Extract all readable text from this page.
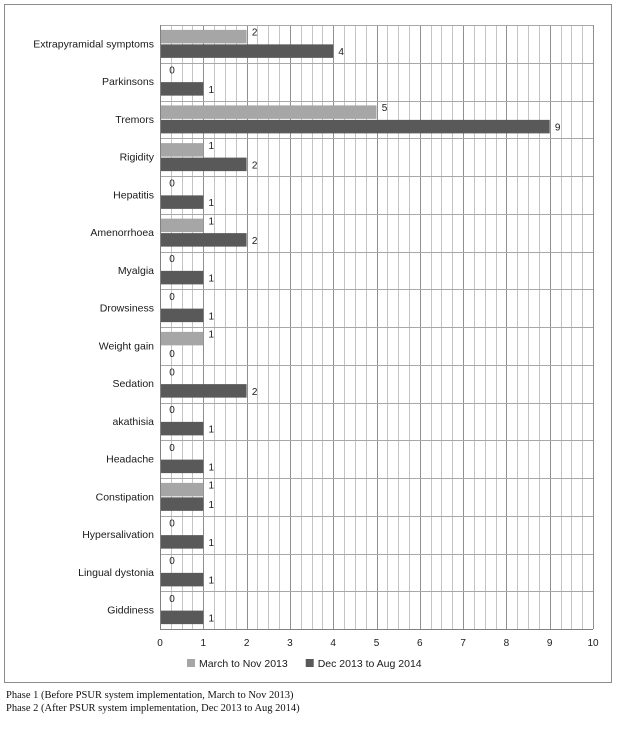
Extrapyramidal symptoms
2
4
Parkinsons
0
1
Tremors
5
9
Rigidity
1
2
Hepatitis
0
1
Amenorrhoea
1
2
Myalgia
0
1
Drowsiness
0
1
Weight gain
1
0
Sedation
0
2
akathisia
0
1
Headache
0
1
Constipation
1
1
Hypersalivation
0
1
Lingual dystonia
0
1
Giddiness
0
1
0	1	2	3	4	5	6	7	8	9	10
March to Nov 2013	Dec 2013 to Aug 2014
Phase 1 (Before PSUR system implementation, March to Nov 2013)
Phase 2 (After PSUR system implementation, Dec 2013 to Aug 2014)
